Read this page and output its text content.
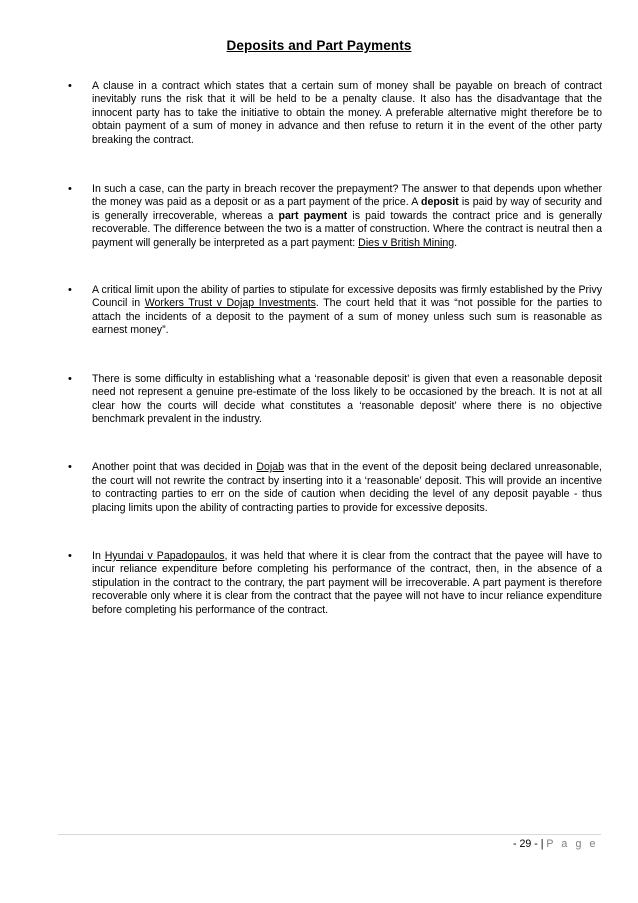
Deposits and Part Payments
• A clause in a contract which states that a certain sum of money shall be payable on breach of contract inevitably runs the risk that it will be held to be a penalty clause. It also has the disadvantage that the innocent party has to take the initiative to obtain the money. A preferable alternative might therefore be to obtain payment of a sum of money in advance and then refuse to return it in the event of the other party breaking the contract.
• In such a case, can the party in breach recover the prepayment? The answer to that depends upon whether the money was paid as a deposit or as a part payment of the price. A deposit is paid by way of security and is generally irrecoverable, whereas a part payment is paid towards the contract price and is generally recoverable. The difference between the two is a matter of construction. Where the contract is neutral then a payment will generally be interpreted as a part payment: Dies v British Mining.
• A critical limit upon the ability of parties to stipulate for excessive deposits was firmly established by the Privy Council in Workers Trust v Dojap Investments. The court held that it was “not possible for the parties to attach the incidents of a deposit to the payment of a sum of money unless such sum is reasonable as earnest money”.
• There is some difficulty in establishing what a ‘reasonable deposit’ is given that even a reasonable deposit need not represent a genuine pre-estimate of the loss likely to be occasioned by the breach. It is not at all clear how the courts will decide what constitutes a ‘reasonable deposit’ where there is no objective benchmark prevalent in the industry.
• Another point that was decided in Dojab was that in the event of the deposit being declared unreasonable, the court will not rewrite the contract by inserting into it a ‘reasonable’ deposit. This will provide an incentive to contracting parties to err on the side of caution when deciding the level of any deposit payable - thus placing limits upon the ability of contracting parties to provide for excessive deposits.
• In Hyundai v Papadopaulos, it was held that where it is clear from the contract that the payee will have to incur reliance expenditure before completing his performance of the contract, then, in the absence of a stipulation in the contract to the contrary, the part payment will be irrecoverable. A part payment is therefore recoverable only where it is clear from the contract that the payee will not have to incur reliance expenditure before completing his performance of the contract.
- 29 - | P a g e
